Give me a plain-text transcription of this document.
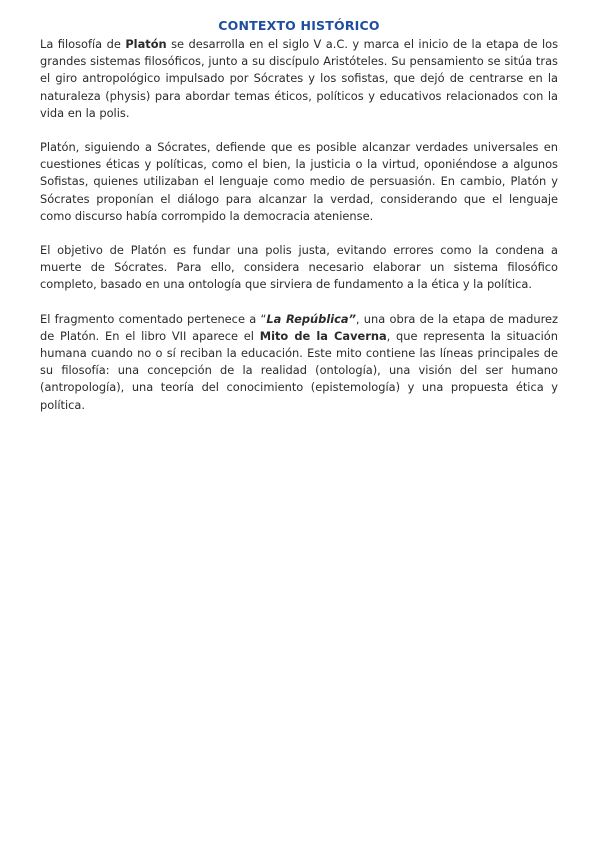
CONTEXTO HISTÓRICO

La filosofía de Platón se desarrolla en el siglo V a.C. y marca el inicio de la etapa de los grandes sistemas filosóficos, junto a su discípulo Aristóteles. Su pensamiento se sitúa tras el giro antropológico impulsado por Sócrates y los sofistas, que dejó de centrarse en la naturaleza (physis) para abordar temas éticos, políticos y educativos relacionados con la vida en la polis.

Platón, siguiendo a Sócrates, defiende que es posible alcanzar verdades universales en cuestiones éticas y políticas, como el bien, la justicia o la virtud, oponiéndose a algunos Sofistas, quienes utilizaban el lenguaje como medio de persuasión. En cambio, Platón y Sócrates proponían el diálogo para alcanzar la verdad, considerando que el lenguaje como discurso había corrompido la democracia ateniense.

El objetivo de Platón es fundar una polis justa, evitando errores como la condena a muerte de Sócrates. Para ello, considera necesario elaborar un sistema filosófico completo, basado en una ontología que sirviera de fundamento a la ética y la política.

El fragmento comentado pertenece a “La República”, una obra de la etapa de madurez de Platón. En el libro VII aparece el Mito de la Caverna, que representa la situación humana cuando no o sí reciban la educación. Este mito contiene las líneas principales de su filosofía: una concepción de la realidad (ontología), una visión del ser humano (antropología), una teoría del conocimiento (epistemología) y una propuesta ética y política.
